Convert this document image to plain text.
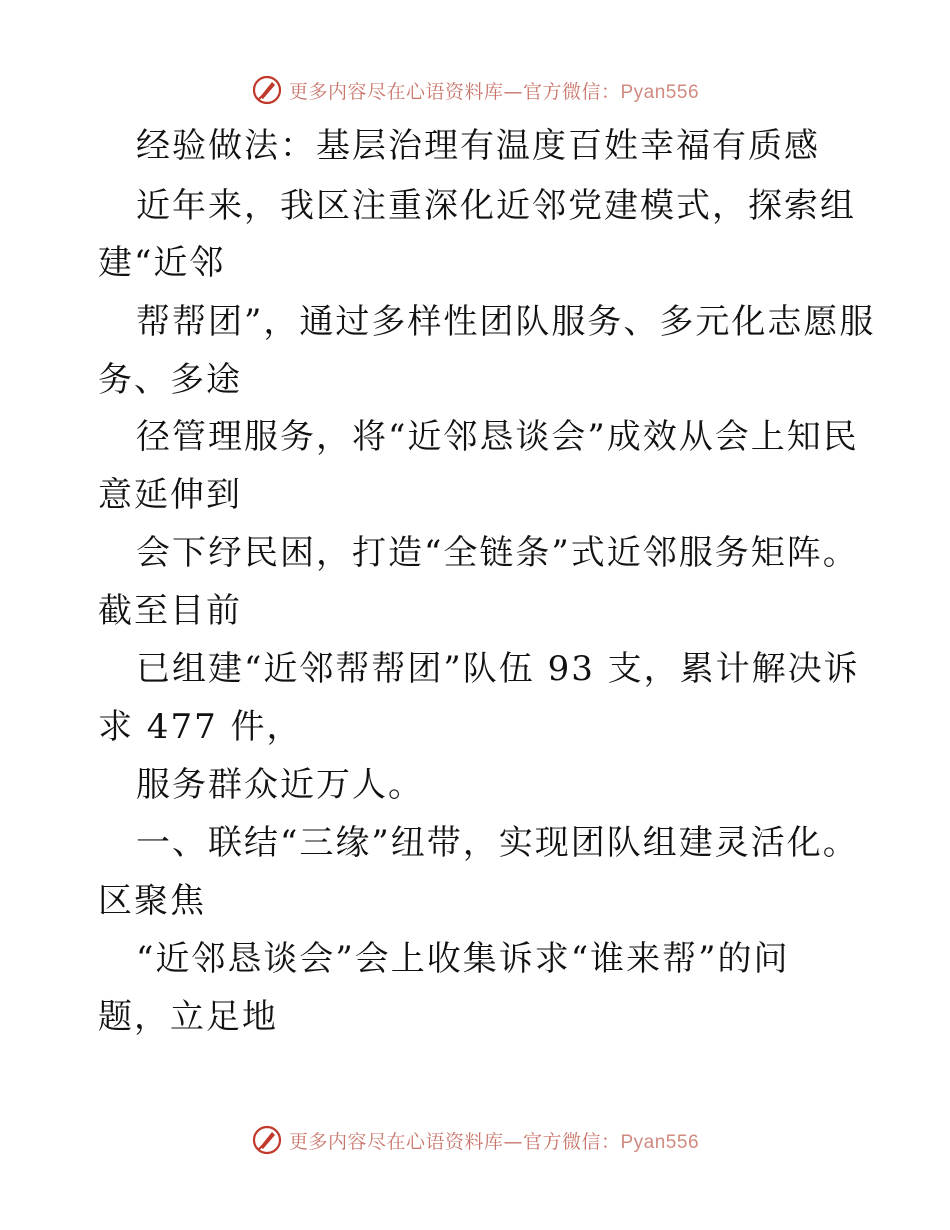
更多内容尽在心语资料库—官方微信：Pyan556
经验做法：基层治理有温度百姓幸福有质感
近年来，我区注重深化近邻党建模式，探索组
建“近邻
帮帮团”，通过多样性团队服务、多元化志愿服
务、多途
径管理服务，将“近邻恳谈会”成效从会上知民
意延伸到
会下纾民困，打造“全链条”式近邻服务矩阵。
截至目前
已组建“近邻帮帮团”队伍 93 支，累计解决诉
求 477 件，
服务群众近万人。
一、联结“三缘”纽带，实现团队组建灵活化。
区聚焦
“近邻恳谈会”会上收集诉求“谁来帮”的问
题，立足地
更多内容尽在心语资料库—官方微信：Pyan556
